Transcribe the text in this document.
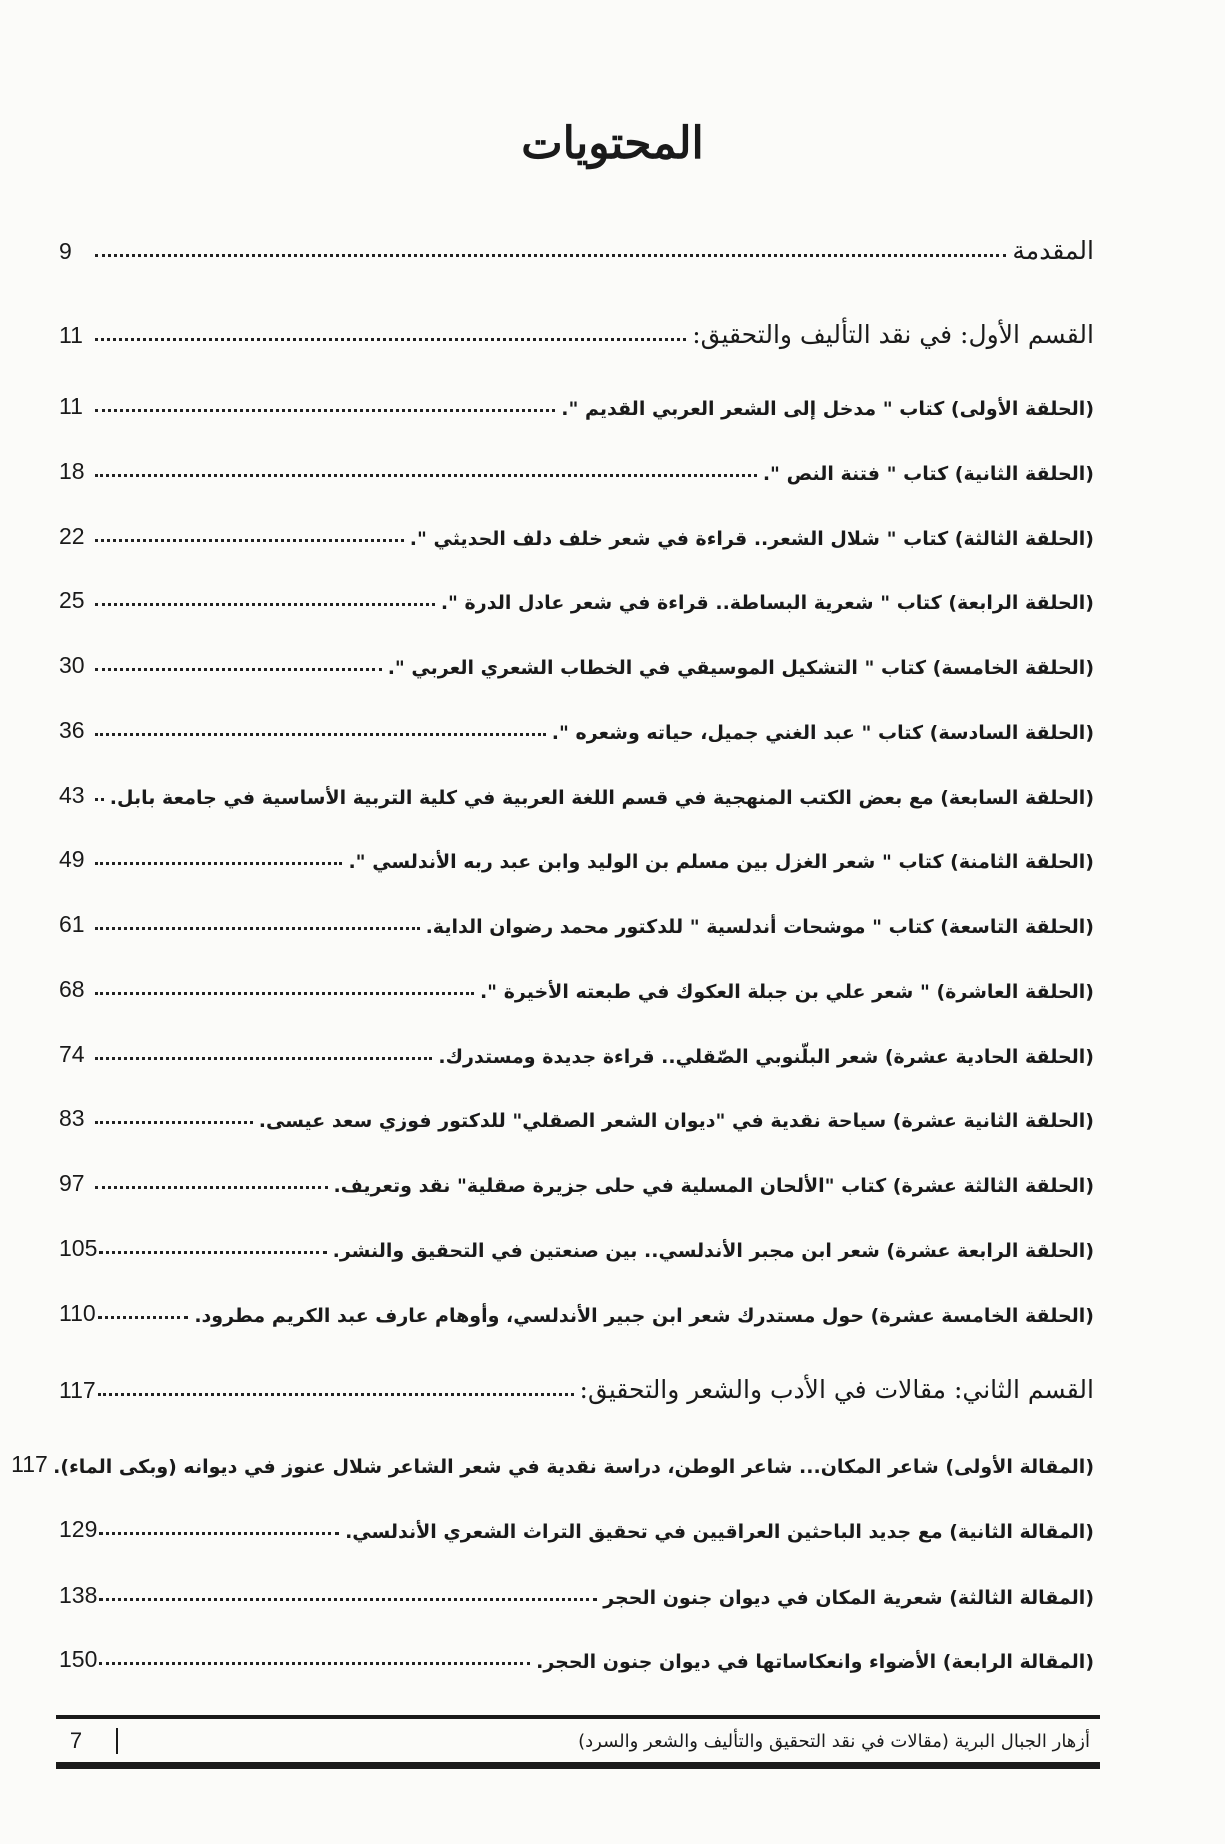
المحتويات
المقدمة
9
القسم الأول: في نقد التأليف والتحقيق:
11
(الحلقة الأولى) كتاب " مدخل إلى الشعر العربي القديم ".
11
(الحلقة الثانية) كتاب " فتنة النص ".
18
(الحلقة الثالثة) كتاب " شلال الشعر.. قراءة في شعر خلف دلف الحديثي ".
22
(الحلقة الرابعة) كتاب " شعرية البساطة.. قراءة في شعر عادل الدرة ".
25
(الحلقة الخامسة) كتاب " التشكيل الموسيقي في الخطاب الشعري العربي ".
30
(الحلقة السادسة) كتاب " عبد الغني جميل، حياته وشعره ".
36
(الحلقة السابعة) مع بعض الكتب المنهجية في قسم اللغة العربية في كلية التربية الأساسية في جامعة بابل.
43
(الحلقة الثامنة) كتاب " شعر الغزل بين مسلم بن الوليد وابن عبد ربه الأندلسي ".
49
(الحلقة التاسعة) كتاب " موشحات أندلسية " للدكتور محمد رضوان الداية.
61
(الحلقة العاشرة) " شعر علي بن جبلة العكوك في طبعته الأخيرة ".
68
(الحلقة الحادية عشرة) شعر البلّنوبي الصّقلي.. قراءة جديدة ومستدرك.
74
(الحلقة الثانية عشرة) سياحة نقدية في "ديوان الشعر الصقلي" للدكتور فوزي سعد عيسى.
83
(الحلقة الثالثة عشرة) كتاب "الألحان المسلية في حلى جزيرة صقلية" نقد وتعريف.
97
(الحلقة الرابعة عشرة) شعر ابن مجبر الأندلسي.. بين صنعتين في التحقيق والنشر.
105
(الحلقة الخامسة عشرة) حول مستدرك شعر ابن جبير الأندلسي، وأوهام عارف عبد الكريم مطرود.
110
القسم الثاني: مقالات في الأدب والشعر والتحقيق:
117
(المقالة الأولى) شاعر المكان... شاعر الوطن، دراسة نقدية في شعر الشاعر شلال عنوز في ديوانه (وبكى الماء).
117
(المقالة الثانية) مع جديد الباحثين العراقيين في تحقيق التراث الشعري الأندلسي.
129
(المقالة الثالثة) شعرية المكان في ديوان جنون الحجر
138
(المقالة الرابعة) الأضواء وانعكاساتها في ديوان جنون الحجر.
150
أزهار الجبال البرية (مقالات في نقد التحقيق والتأليف والشعر والسرد)
7
